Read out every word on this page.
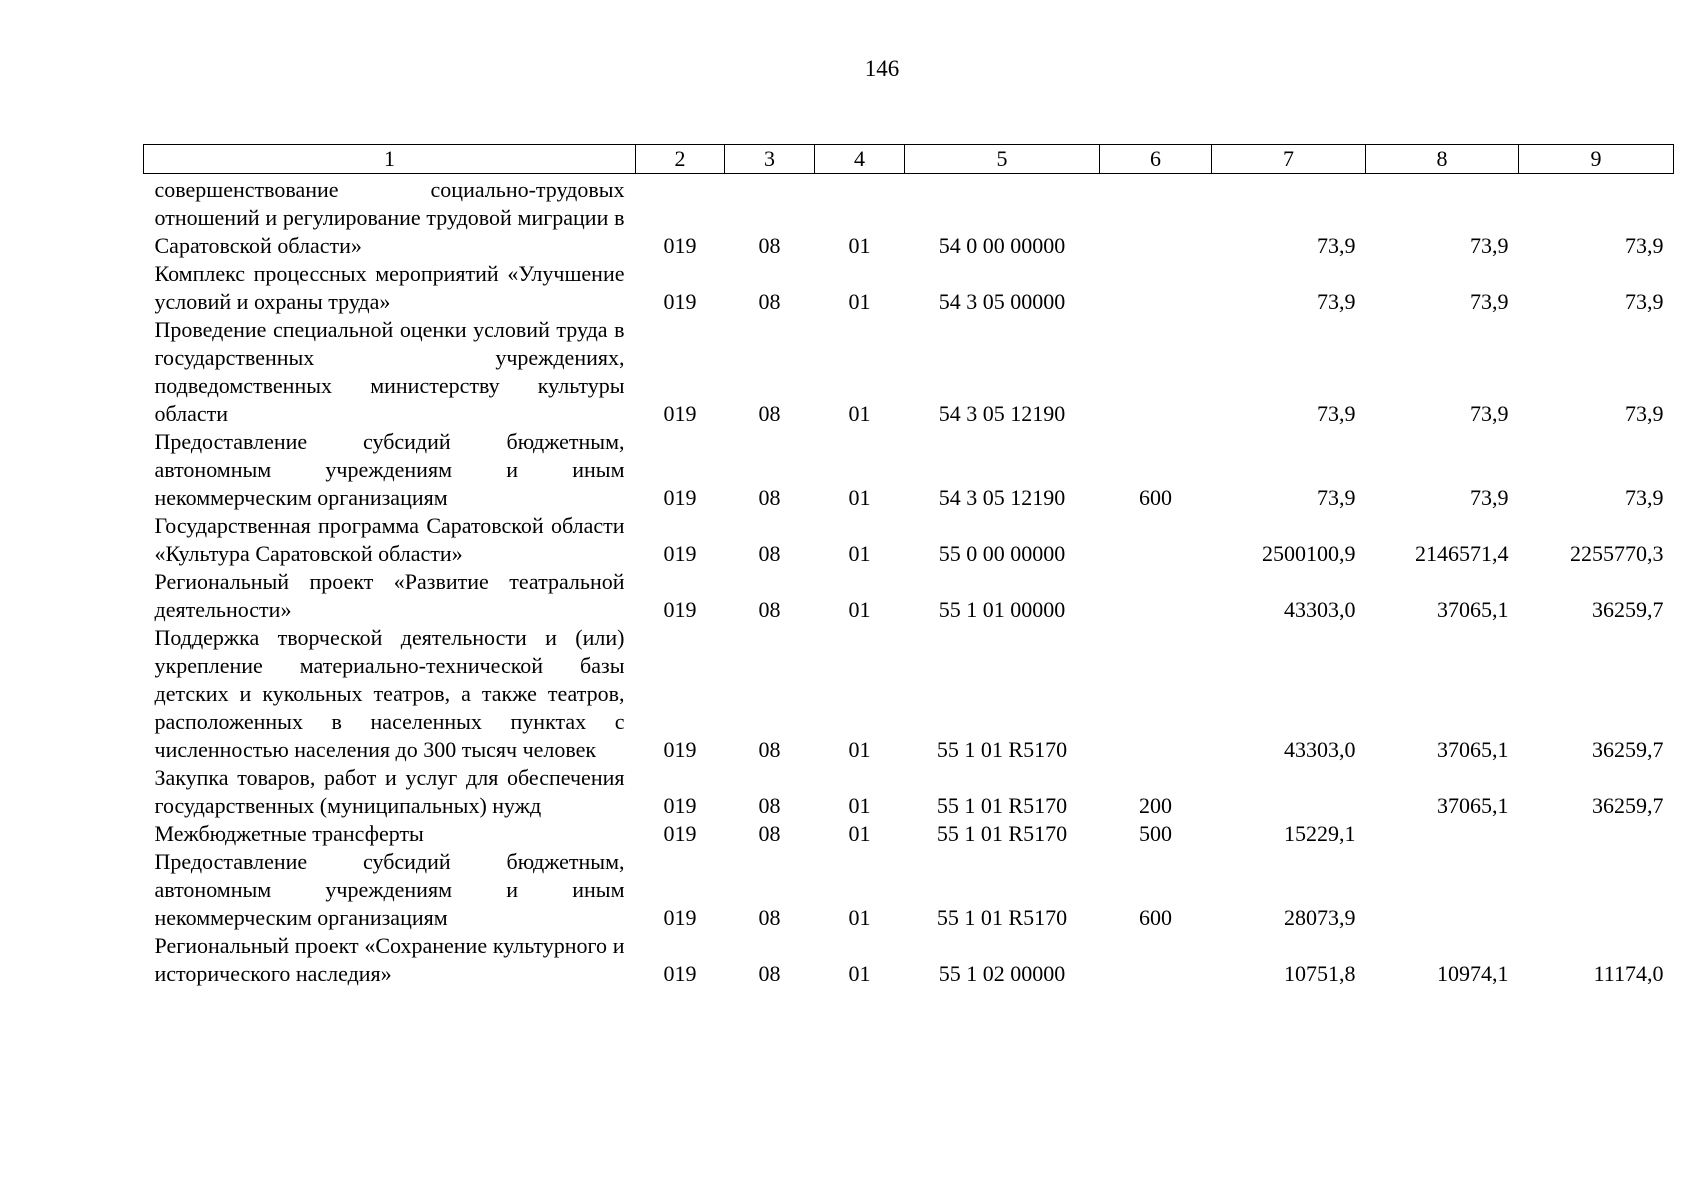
146
1	2	3	4	5	6	7	8	9
совершенствование социально-трудовых отношений и регулирование трудовой миграции в Саратовской области»	019	08	01	54 0 00 00000		73,9	73,9	73,9
Комплекс процессных мероприятий «Улучшение условий и охраны труда»	019	08	01	54 3 05 00000		73,9	73,9	73,9
Проведение специальной оценки условий труда в государственных учреждениях, подведомственных министерству культуры области	019	08	01	54 3 05 12190		73,9	73,9	73,9
Предоставление субсидий бюджетным, автономным учреждениям и иным некоммерческим организациям	019	08	01	54 3 05 12190	600	73,9	73,9	73,9
Государственная программа Саратовской области «Культура Саратовской области»	019	08	01	55 0 00 00000		2500100,9	2146571,4	2255770,3
Региональный проект «Развитие театральной деятельности»	019	08	01	55 1 01 00000		43303,0	37065,1	36259,7
Поддержка творческой деятельности и (или) укрепление материально-технической базы детских и кукольных театров, а также театров, расположенных в населенных пунктах с численностью населения до 300 тысяч человек	019	08	01	55 1 01 R5170		43303,0	37065,1	36259,7
Закупка товаров, работ и услуг для обеспечения государственных (муниципальных) нужд	019	08	01	55 1 01 R5170	200		37065,1	36259,7
Межбюджетные трансферты	019	08	01	55 1 01 R5170	500	15229,1		
Предоставление субсидий бюджетным, автономным учреждениям и иным некоммерческим организациям	019	08	01	55 1 01 R5170	600	28073,9		
Региональный проект «Сохранение культурного и исторического наследия»	019	08	01	55 1 02 00000		10751,8	10974,1	11174,0
